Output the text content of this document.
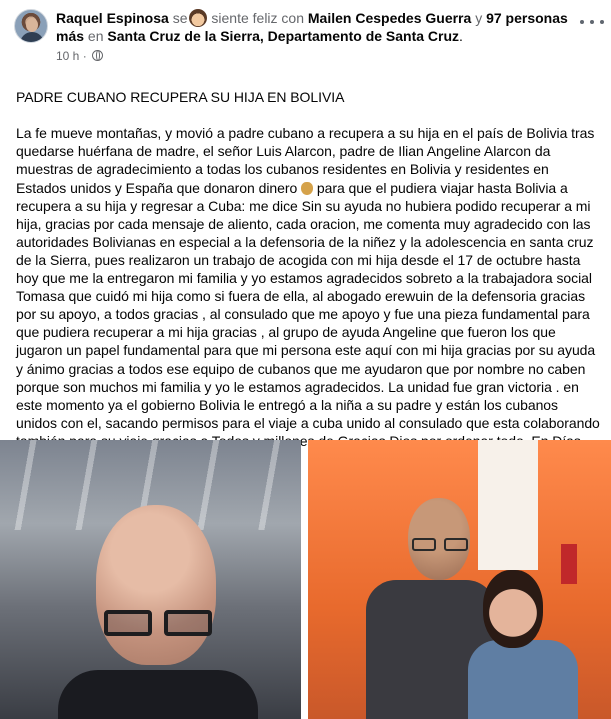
Raquel Espinosa se siente feliz con Mailen Cespedes Guerra y 97 personas más en Santa Cruz de la Sierra, Departamento de Santa Cruz.
10 h ·

PADRE CUBANO RECUPERA SU HIJA EN BOLIVIA

La fe mueve montañas, y movió a padre cubano a recupera a su hija en el país de Bolivia tras quedarse huérfana de madre, el señor Luis Alarcon, padre de Ilian Angeline Alarcon da muestras de agradecimiento a todas los cubanos residentes en Bolivia y residentes en Estados unidos y España que donaron dinero  para que el pudiera viajar hasta Bolivia a recupera a su hija y regresar a Cuba: me dice Sin su ayuda no hubiera podido recuperar a mi hija, gracias por cada mensaje de aliento, cada oracion, me comenta muy agradecido con las autoridades Bolivianas en especial a la defensoria de la niñez y la adolescencia en santa cruz de la Sierra, pues realizaron un trabajo de acogida con mi hija desde el 17 de octubre hasta hoy que me la entregaron mi familia y yo estamos agradecidos sobreto a la trabajadora social Tomasa que cuidó mi hija como si fuera de ella, al abogado erewuin de la defensoria gracias por su apoyo, a todos gracias , al consulado que me apoyo y fue una pieza fundamental para que pudiera recuperar a mi hija gracias , al grupo de ayuda Angeline que fueron los que jugaron un papel fundamental para que mi persona este aquí con mi hija gracias por su ayuda y ánimo gracias a todos ese equipo de cubanos que me ayudaron que por nombre no caben porque son muchos mi familia y yo le estamos agradecidos. La unidad fue gran victoria . en este momento ya el gobierno Bolivia le entregó a la niña a su padre y están los cubanos unidos con el, sacando permisos para el viaje a cuba unido al consulado que esta colaborando
